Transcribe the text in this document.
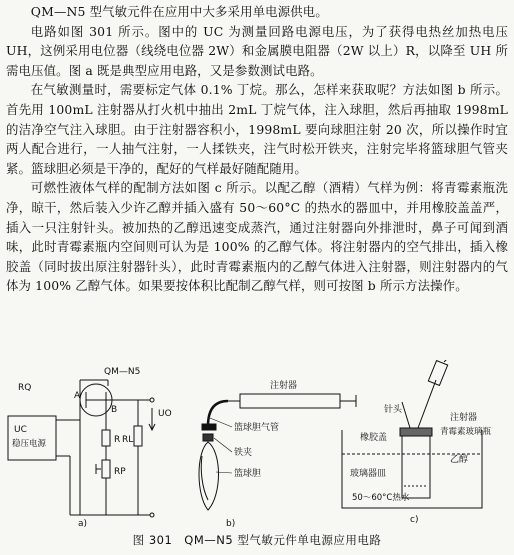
QM—N5 型气敏元件在应用中大多采用单电源供电。

电路如图 301 所示。图中的 UC 为测量回路电源电压，为了获得电热丝加热电压 UH，这例采用电位器（线绕电位器 2W）和金属膜电阻器（2W 以上）R，以降至 UH 所需电压值。图 a 既是典型应用电路，又是参数测试电路。

在气敏测量时，需要标定气体 0.1% 丁烷。那么，怎样来获取呢？方法如图 b 所示。首先用 100mL 注射器从打火机中抽出 2mL 丁烷气体，注入球胆，然后再抽取 1998mL 的洁净空气注入球胆。由于注射器容积小，1998mL 要向球胆注射 20 次，所以操作时宜两人配合进行，一人抽气注射，一人揉铁夹，注气时松开铁夹，注射完毕将篮球胆气管夹紧。篮球胆必须是干净的，配好的气样最好随配随用。

可燃性液体气样的配制方法如图 c 所示。以配乙醇（酒精）气样为例：将青霉素瓶洗净，晾干，然后装入少许乙醇并插入盛有 50～60°C 的热水的器皿中，并用橡胶盖盖严，插入一只注射针头。被加热的乙醇迅速变成蒸汽，通过注射器向外排泄时，鼻子可闻到酒味，此时青霉素瓶内空间则可认为是 100% 的乙醇气体。将注射器内的空气排出，插入橡胶盖（同时拔出原注射器针头），此时青霉素瓶内的乙醇气体进入注射器，则注射器内的气体为 100% 乙醇气体。如果要按体积比配制乙醇气样，则可按图 b 所示方法操作。

RQ
QM—N5
A
B
R
RP
RL
UO
UC
稳压电源
a)
注射器
篮球胆气管
铁夹
篮球胆
b)
针头
橡胶盖
注射器
青霉素玻璃瓶
乙醇
玻璃器皿
50～60°C热水
c)
图 301　QM—N5 型气敏元件单电源应用电路
